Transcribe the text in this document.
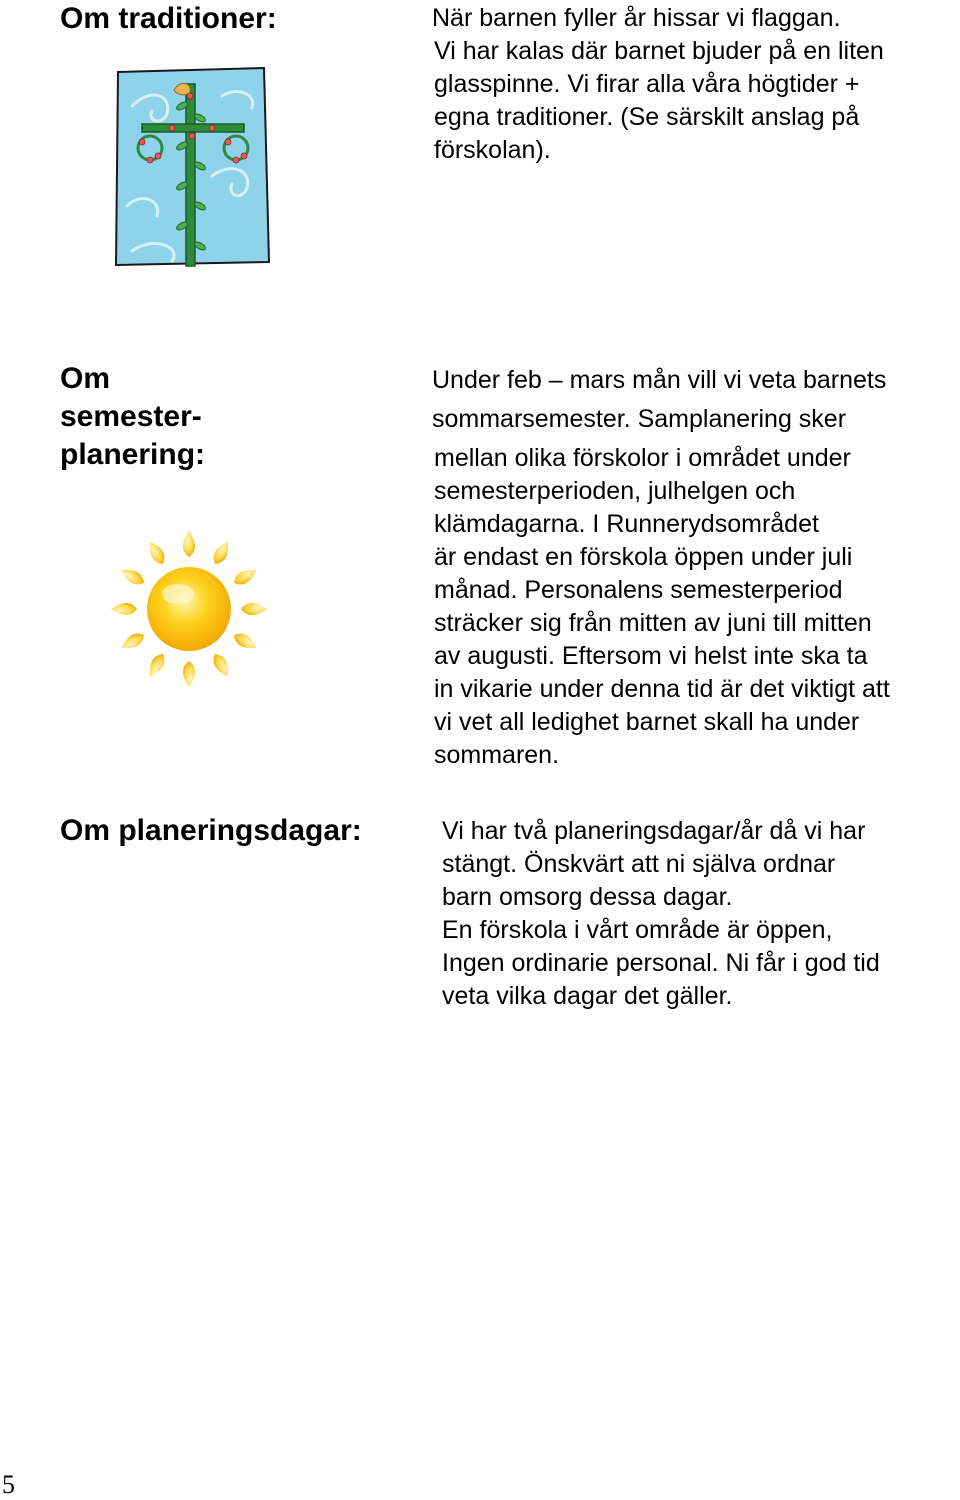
Om traditioner:	När barnen fyller år hissar vi flaggan.

Vi har kalas där barnet bjuder på en liten

glasspinne. Vi firar alla våra högtider +

egna traditioner. (Se särskilt anslag på

förskolan).

Om
semester-
planering:

Under feb – mars mån vill vi veta barnets

sommarsemester. Samplanering sker

mellan olika förskolor i området under

semesterperioden, julhelgen och

klämdagarna. I Runnerydsområdet

är endast en förskola öppen under juli

månad. Personalens semesterperiod

sträcker sig från mitten av juni till mitten

av augusti. Eftersom vi helst inte ska ta

in vikarie under denna tid är det viktigt att

vi vet all ledighet barnet skall ha under

sommaren.

Om planeringsdagar:	Vi har två planeringsdagar/år då vi har

stängt. Önskvärt att ni själva ordnar

barn omsorg dessa dagar.

En förskola i vårt område är öppen,

Ingen ordinarie personal. Ni får i god tid

veta vilka dagar det gäller.

5
